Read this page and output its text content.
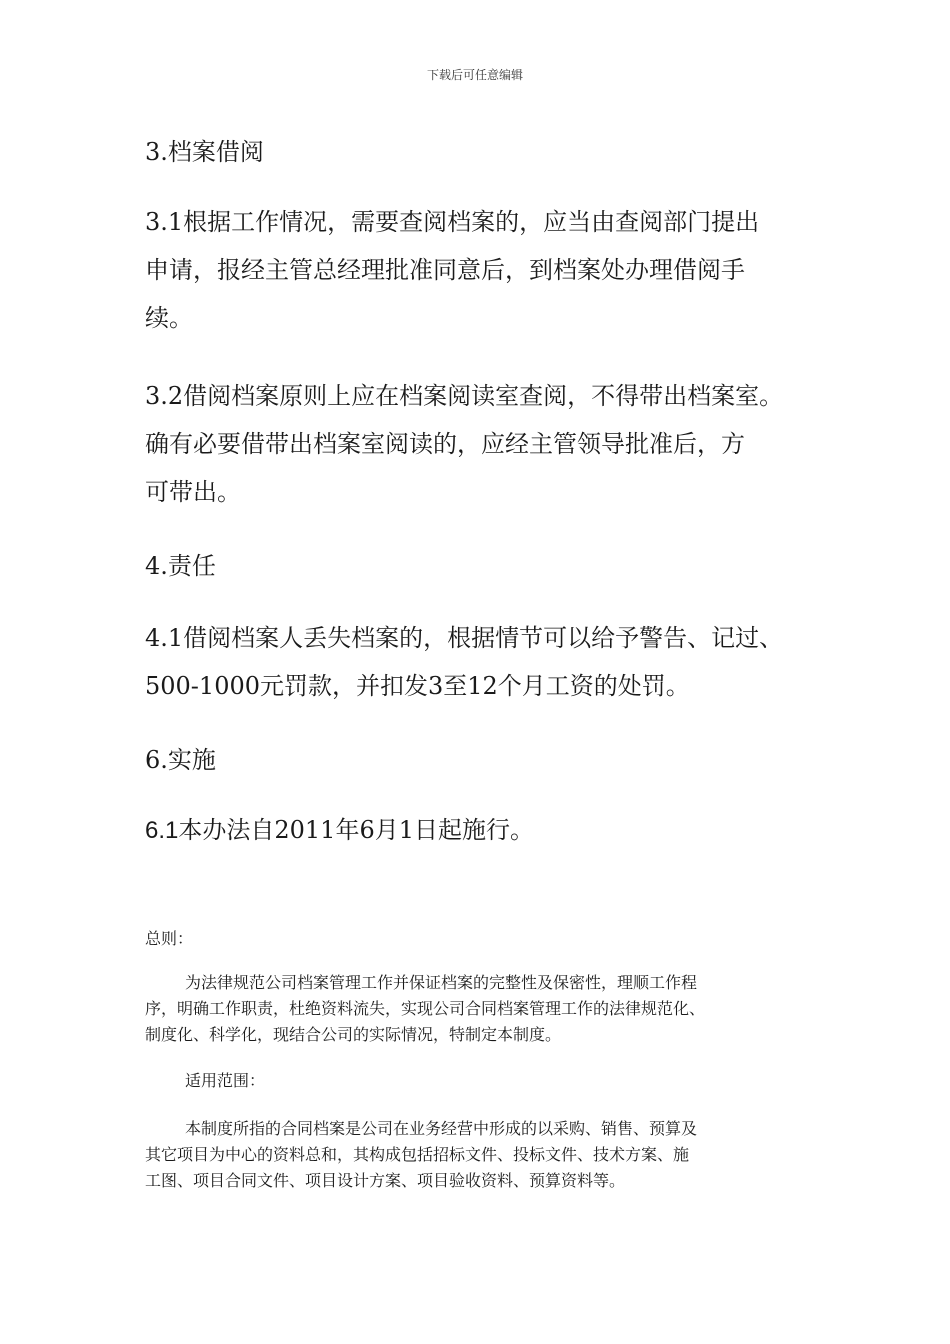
下载后可任意编辑

3.档案借阅

3.1根据工作情况，需要查阅档案的，应当由查阅部门提出
申请，报经主管总经理批准同意后，到档案处办理借阅手
续。

3.2借阅档案原则上应在档案阅读室查阅，不得带出档案室。
确有必要借带出档案室阅读的，应经主管领导批准后，方
可带出。

4.责任

4.1借阅档案人丢失档案的，根据情节可以给予警告、记过、
500-1000元罚款，并扣发3至12个月工资的处罚。

6.实施

6.1本办法自2011年6月1日起施行。

总则：

为法律规范公司档案管理工作并保证档案的完整性及保密性，理顺工作程
序，明确工作职责，杜绝资料流失，实现公司合同档案管理工作的法律规范化、
制度化、科学化，现结合公司的实际情况，特制定本制度。

适用范围：

本制度所指的合同档案是公司在业务经营中形成的以采购、销售、预算及
其它项目为中心的资料总和，其构成包括招标文件、投标文件、技术方案、施
工图、项目合同文件、项目设计方案、项目验收资料、预算资料等。
